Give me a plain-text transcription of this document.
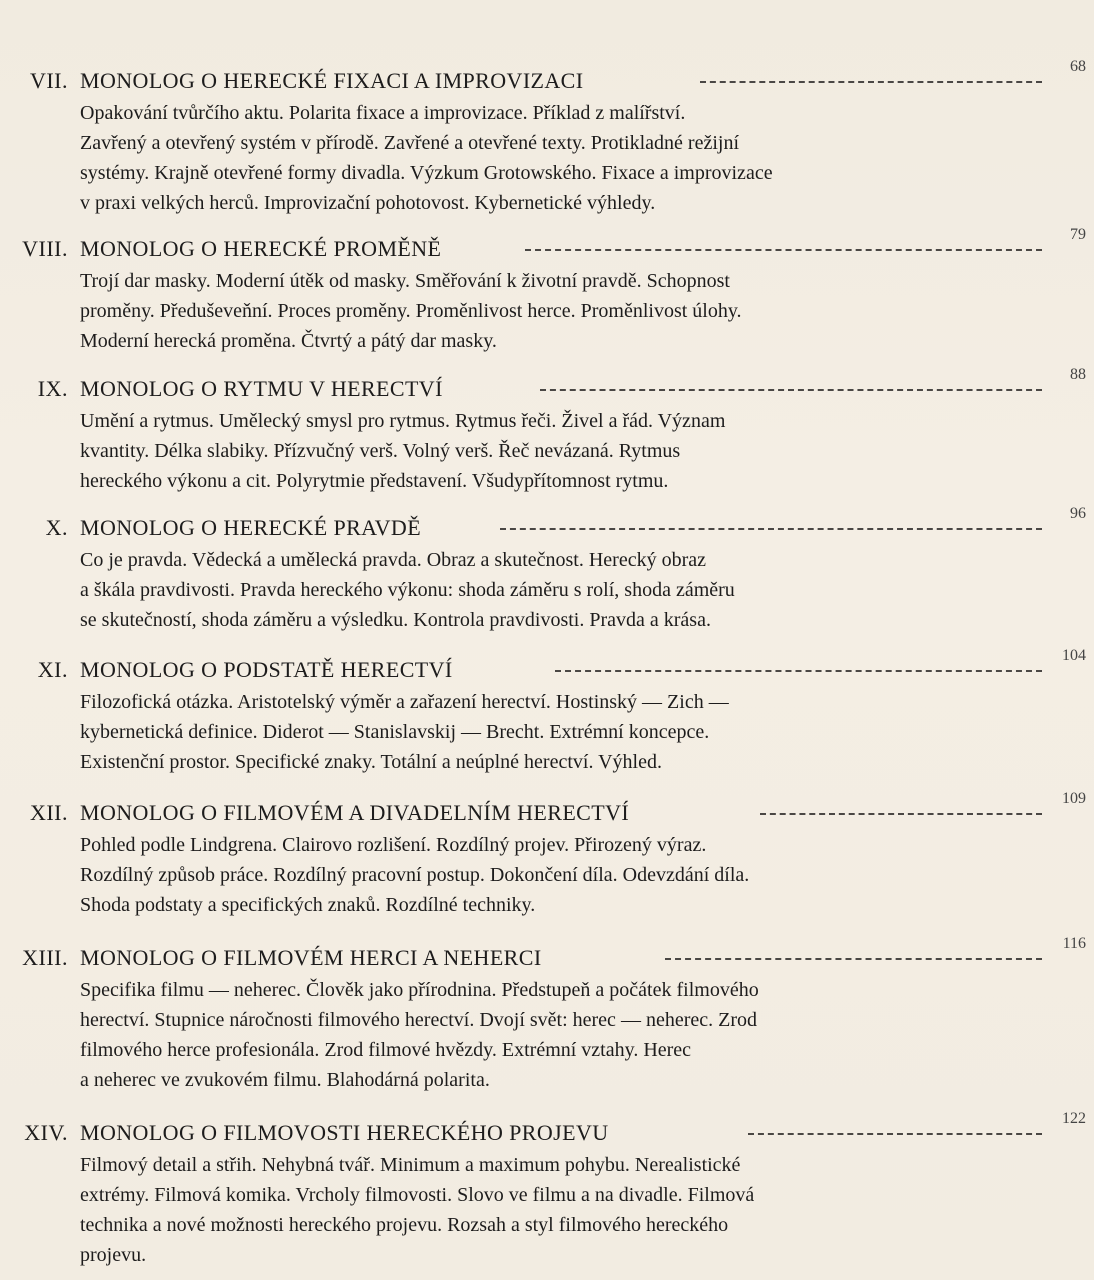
VII. MONOLOG O HERECKÉ FIXACI A IMPROVIZACI
68
Opakování tvůrčího aktu. Polarita fixace a improvizace. Příklad z malířství.
Zavřený a otevřený systém v přírodě. Zavřené a otevřené texty. Protikladné režijní
systémy. Krajně otevřené formy divadla. Výzkum Grotowského. Fixace a improvizace
v praxi velkých herců. Improvizační pohotovost. Kybernetické výhledy.
VIII. MONOLOG O HERECKÉ PROMĚNĚ
79
Trojí dar masky. Moderní útěk od masky. Směřování k životní pravdě. Schopnost
proměny. Předuševeňní. Proces proměny. Proměnlivost herce. Proměnlivost úlohy.
Moderní herecká proměna. Čtvrtý a pátý dar masky.
IX. MONOLOG O RYTMU V HERECTVÍ
88
Umění a rytmus. Umělecký smysl pro rytmus. Rytmus řeči. Živel a řád. Význam
kvantity. Délka slabiky. Přízvučný verš. Volný verš. Řeč nevázaná. Rytmus
hereckého výkonu a cit. Polyrytmie představení. Všudypřítomnost rytmu.
X. MONOLOG O HERECKÉ PRAVDĚ
96
Co je pravda. Vědecká a umělecká pravda. Obraz a skutečnost. Herecký obraz
a škála pravdivosti. Pravda hereckého výkonu: shoda záměru s rolí, shoda záměru
se skutečností, shoda záměru a výsledku. Kontrola pravdivosti. Pravda a krása.
XI. MONOLOG O PODSTATĚ HERECTVÍ
104
Filozofická otázka. Aristotelský výměr a zařazení herectví. Hostinský — Zich —
kybernetická definice. Diderot — Stanislavskij — Brecht. Extrémní koncepce.
Existenční prostor. Specifické znaky. Totální a neúplné herectví. Výhled.
XII. MONOLOG O FILMOVÉM A DIVADELNÍM HERECTVÍ
109
Pohled podle Lindgrena. Clairovo rozlišení. Rozdílný projev. Přirozený výraz.
Rozdílný způsob práce. Rozdílný pracovní postup. Dokončení díla. Odevzdání díla.
Shoda podstaty a specifických znaků. Rozdílné techniky.
XIII. MONOLOG O FILMOVÉM HERCI A NEHERCI
116
Specifika filmu — neherec. Člověk jako přírodnina. Předstupeň a počátek filmového
herectví. Stupnice náročnosti filmového herectví. Dvojí svět: herec — neherec. Zrod
filmového herce profesionála. Zrod filmové hvězdy. Extrémní vztahy. Herec
a neherec ve zvukovém filmu. Blahodárná polarita.
XIV. MONOLOG O FILMOVOSTI HERECKÉHO PROJEVU
122
Filmový detail a střih. Nehybná tvář. Minimum a maximum pohybu. Nerealistické
extrémy. Filmová komika. Vrcholy filmovosti. Slovo ve filmu a na divadle. Filmová
technika a nové možnosti hereckého projevu. Rozsah a styl filmového hereckého
projevu.
